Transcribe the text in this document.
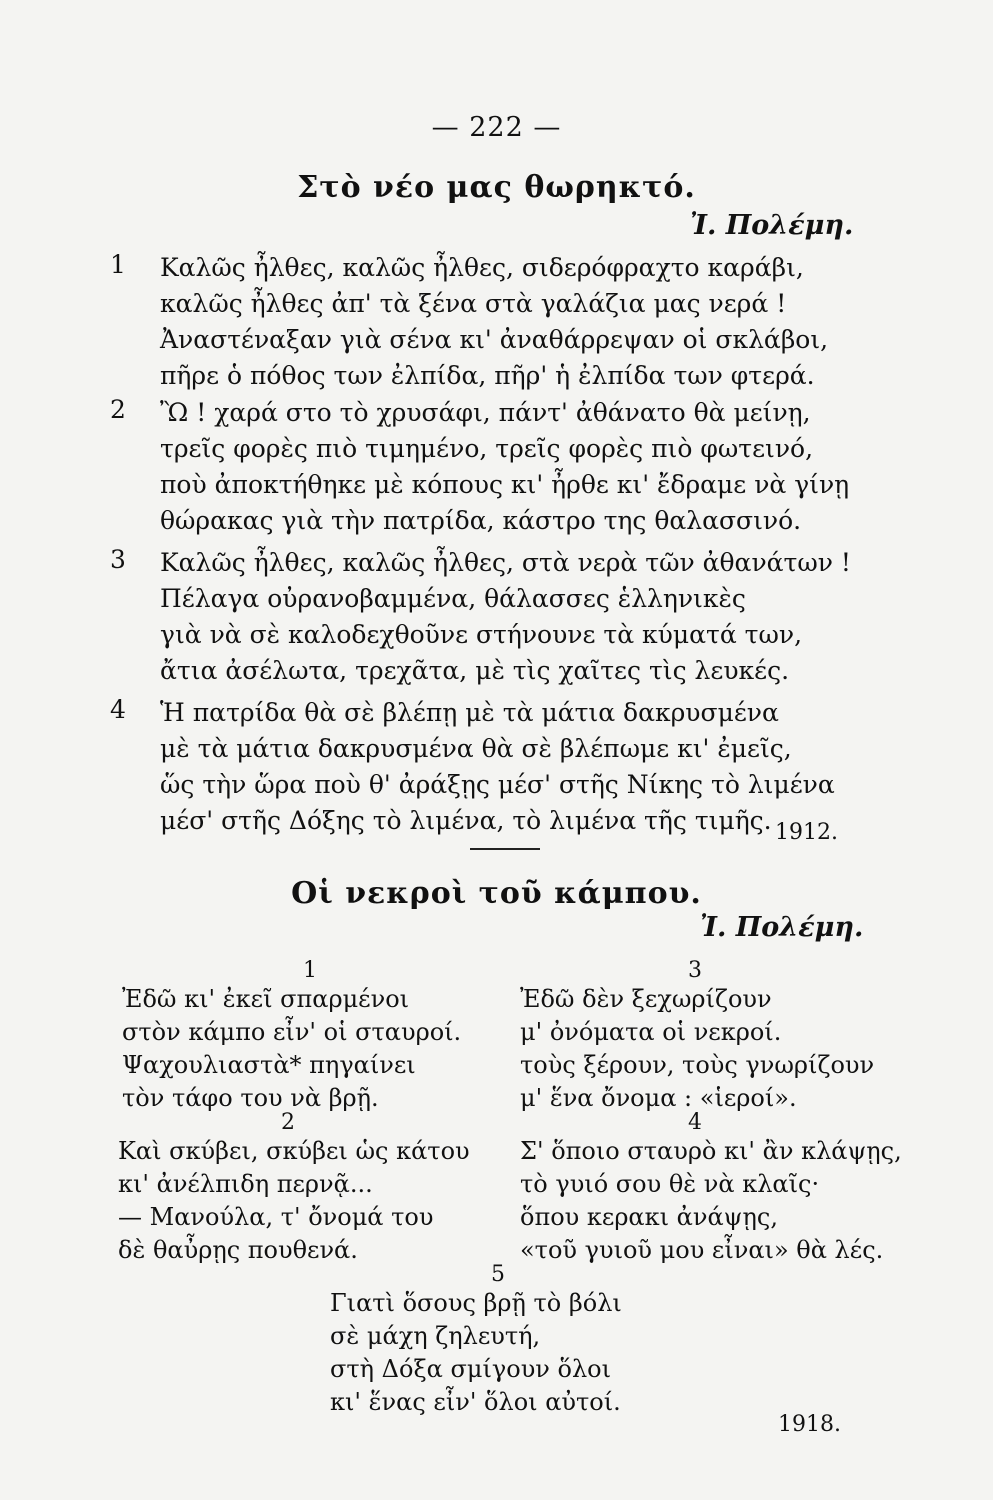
— 222 —
Στὸ νέο μας θωρηκτό.
Ἰ. Πολέμη.
1 Καλῶς ἦλθες, καλῶς ἦλθες, σιδερόφραχτο καράβι,
καλῶς ἦλθες ἀπ' τὰ ξένα στὰ γαλάζια μας νερά !
Ἀναστέναξαν γιὰ σένα κι' ἀναθάρρεψαν οἱ σκλάβοι,
πῆρε ὁ πόθος των ἐλπίδα, πῆρ' ἡ ἐλπίδα των φτερά.
2 Ὢ ! χαρά στο τὸ χρυσάφι, πάντ' ἀθάνατο θὰ μείνῃ,
τρεῖς φορὲς πιὸ τιμημένο, τρεῖς φορὲς πιὸ φωτεινό,
ποὺ ἀποκτήθηκε μὲ κόπους κι' ἦρθε κι' ἔδραμε νὰ γίνῃ
θώρακας γιὰ τὴν πατρίδα, κάστρο της θαλασσινό.
3 Καλῶς ἦλθες, καλῶς ἦλθες, στὰ νερὰ τῶν ἀθανάτων !
Πέλαγα οὐρανοβαμμένα, θάλασσες ἑλληνικὲς
γιὰ νὰ σὲ καλοδεχθοῦνε στήνουνε τὰ κύματά των,
ἄτια ἀσέλωτα, τρεχᾶτα, μὲ τὶς χαῖτες τὶς λευκές.
4 Ἡ πατρίδα θὰ σὲ βλέπῃ μὲ τὰ μάτια δακρυσμένα
μὲ τὰ μάτια δακρυσμένα θὰ σὲ βλέπωμε κι' ἐμεῖς,
ὥς τὴν ὥρα ποὺ θ' ἀράξῃς μέσ' στῆς Νίκης τὸ λιμένα
μέσ' στῆς Δόξης τὸ λιμένα, τὸ λιμένα τῆς τιμῆς. 1912.
Οἱ νεκροὶ τοῦ κάμπου.
Ἰ. Πολέμη.
1
Ἐδῶ κι' ἐκεῖ σπαρμένοι
στὸν κάμπο εἶν' οἱ σταυροί.
Ψαχουλιαστὰ* πηγαίνει
τὸν τάφο του νὰ βρῇ.
2
Καὶ σκύβει, σκύβει ὡς κάτου
κι' ἀνέλπιδη περνᾷ...
— Μανούλα, τ' ὄνομά του
δὲ θαὖρῃς πουθενά.
3
Ἐδῶ δὲν ξεχωρίζουν
μ' ὀνόματα οἱ νεκροί.
τοὺς ξέρουν, τοὺς γνωρίζουν
μ' ἕνα ὄνομα : «ἱεροί».
4
Σ' ὅποιο σταυρὸ κι' ἂν κλάψῃς,
τὸ γυιό σου θὲ νὰ κλαῖς·
ὅπου κερακι ἀνάψῃς,
«τοῦ γυιοῦ μου εἶναι» θὰ λές.
5
Γιατὶ ὅσους βρῇ τὸ βόλι
σὲ μάχη ζηλευτή,
στὴ Δόξα σμίγουν ὅλοι
κι' ἕνας εἶν' ὅλοι αὐτοί.
1918.
